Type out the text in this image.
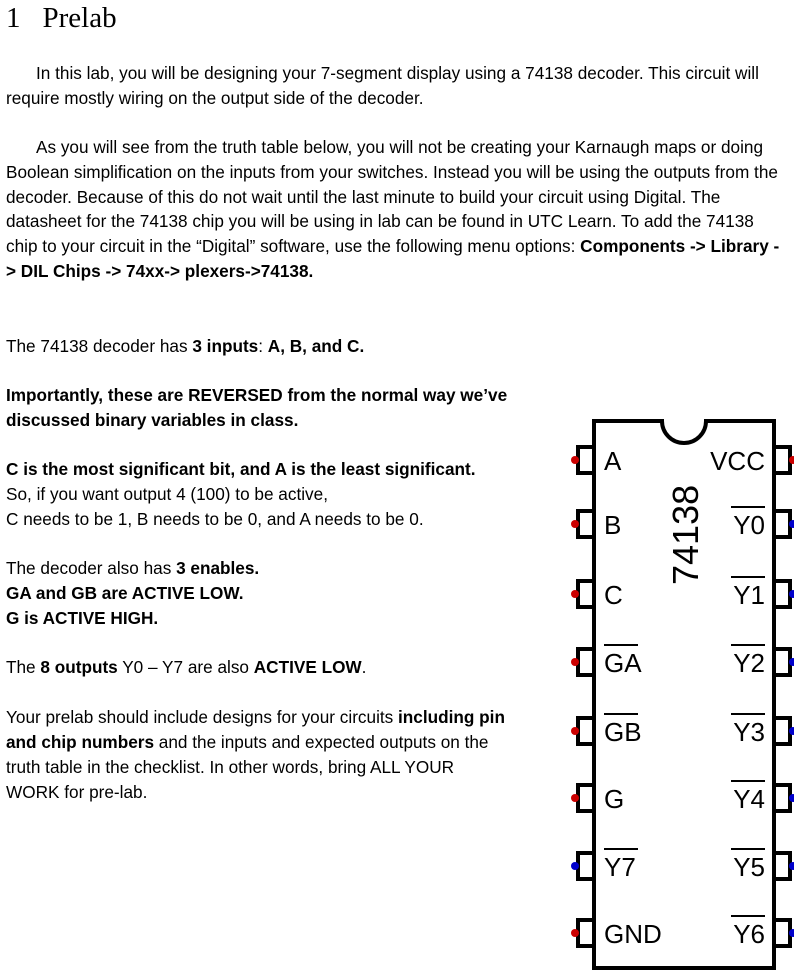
1 Prelab
In this lab, you will be designing your 7-segment display using a 74138 decoder. This circuit will require mostly wiring on the output side of the decoder.
As you will see from the truth table below, you will not be creating your Karnaugh maps or doing Boolean simplification on the inputs from your switches. Instead you will be using the outputs from the decoder. Because of this do not wait until the last minute to build your circuit using Digital. The datasheet for the 74138 chip you will be using in lab can be found in UTC Learn. To add the 74138 chip to your circuit in the “Digital” software, use the following menu options: Components -> Library -> DIL Chips -> 74xx-> plexers->74138.
The 74138 decoder has 3 inputs: A, B, and C.
Importantly, these are REVERSED from the normal way we’ve
discussed binary variables in class.
C is the most significant bit, and A is the least significant.
So, if you want output 4 (100) to be active,
C needs to be 1, B needs to be 0, and A needs to be 0.
The decoder also has 3 enables.
GA and GB are ACTIVE LOW.
G is ACTIVE HIGH.
The 8 outputs Y0 – Y7 are also ACTIVE LOW.
Your prelab should include designs for your circuits including pin
and chip numbers and the inputs and expected outputs on the
truth table in the checklist. In other words, bring ALL YOUR
WORK for pre-lab.
74138
A
B
C
GA
GB
G
Y7
GND
VCC
Y0
Y1
Y2
Y3
Y4
Y5
Y6
